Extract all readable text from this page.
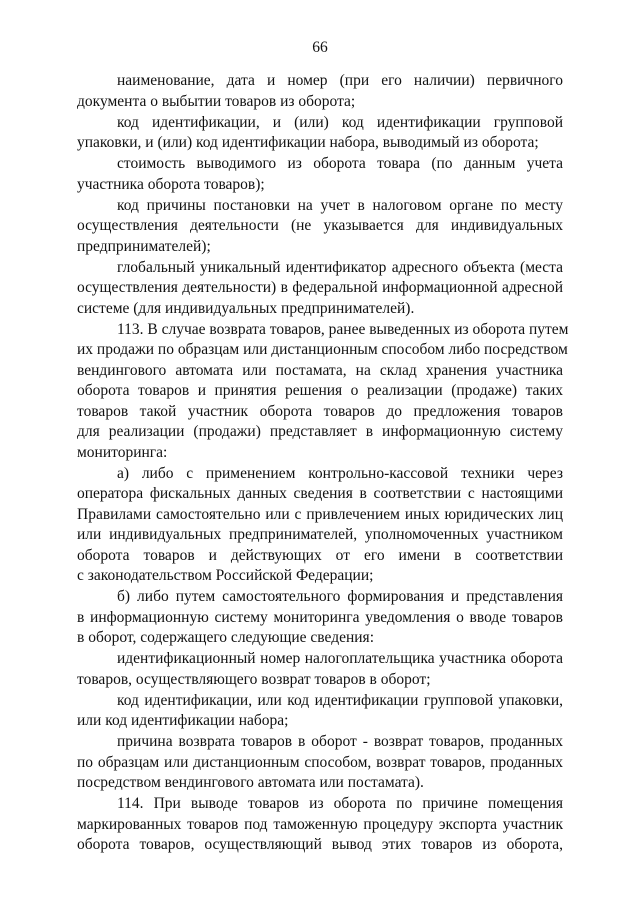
66
наименование, дата и номер (при его наличии) первичного
документа о выбытии товаров из оборота;
код идентификации, и (или) код идентификации групповой
упаковки, и (или) код идентификации набора, выводимый из оборота;
стоимость выводимого из оборота товара (по данным учета
участника оборота товаров);
код причины постановки на учет в налоговом органе по месту
осуществления деятельности (не указывается для индивидуальных
предпринимателей);
глобальный уникальный идентификатор адресного объекта (места
осуществления деятельности) в федеральной информационной адресной
системе (для индивидуальных предпринимателей).
113. В случае возврата товаров, ранее выведенных из оборота путем
их продажи по образцам или дистанционным способом либо посредством
вендингового автомата или постамата, на склад хранения участника
оборота товаров и принятия решения о реализации (продаже) таких
товаров такой участник оборота товаров до предложения товаров
для реализации (продажи) представляет в информационную систему
мониторинга:
а) либо с применением контрольно-кассовой техники через
оператора фискальных данных сведения в соответствии с настоящими
Правилами самостоятельно или с привлечением иных юридических лиц
или индивидуальных предпринимателей, уполномоченных участником
оборота товаров и действующих от его имени в соответствии
с законодательством Российской Федерации;
б) либо путем самостоятельного формирования и представления
в информационную систему мониторинга уведомления о вводе товаров
в оборот, содержащего следующие сведения:
идентификационный номер налогоплательщика участника оборота
товаров, осуществляющего возврат товаров в оборот;
код идентификации, или код идентификации групповой упаковки,
или код идентификации набора;
причина возврата товаров в оборот - возврат товаров, проданных
по образцам или дистанционным способом, возврат товаров, проданных
посредством вендингового автомата или постамата).
114. При выводе товаров из оборота по причине помещения
маркированных товаров под таможенную процедуру экспорта участник
оборота товаров, осуществляющий вывод этих товаров из оборота,
